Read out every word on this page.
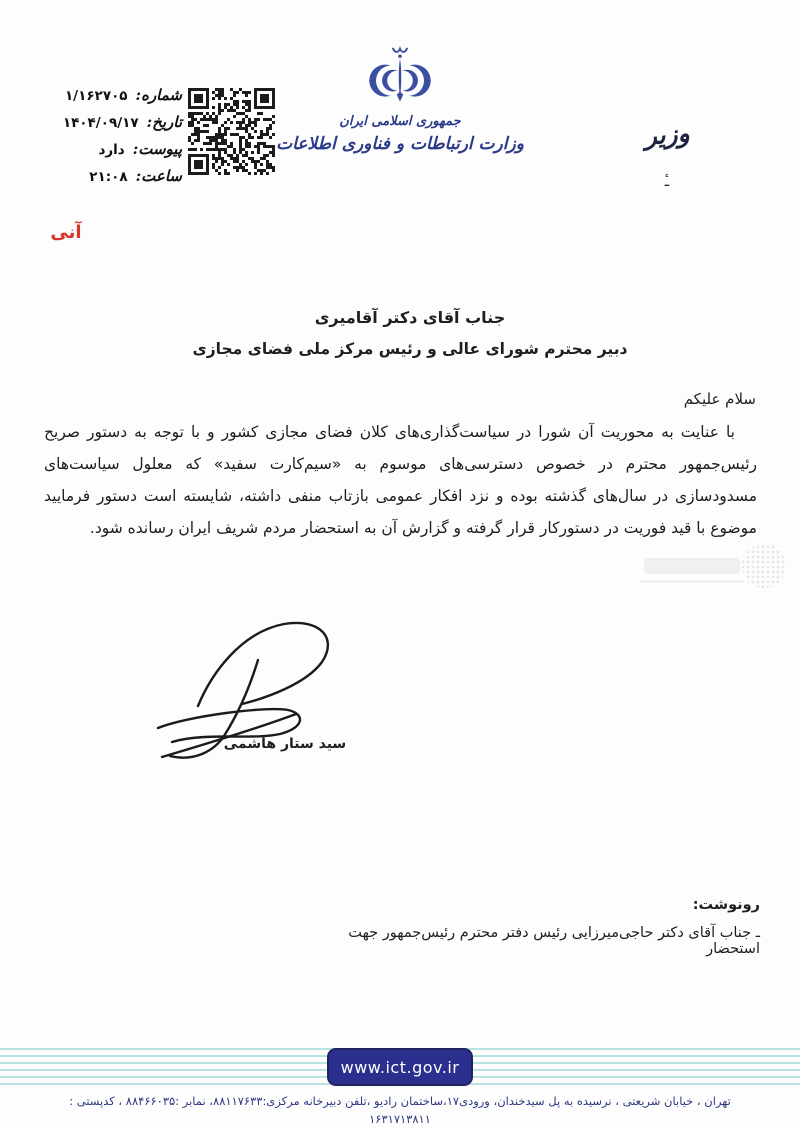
جمهوری اسلامی ایران
وزارت ارتباطات و فناوری اطلاعات	وزیر
ـٔ
شماره:
۱/۱۶۲۷۰۵
تاریخ:
۱۴۰۴/۰۹/۱۷
پیوست:
دارد
ساعت:
۲۱:۰۸
آنی
جناب آقای دکتر آقامیری
دبیر محترم شورای عالی و رئیس مرکز ملی فضای مجازی
سلام علیکم
با عنایت به محوریت آن شورا در سیاست‌گذاری‌های کلان فضای مجازی کشور و با توجه به دستور صریح رئیس‌جمهور محترم در خصوص دسترسی‌های موسوم به «سیم‌کارت سفید» که معلول سیاست‌های مسدودسازی در سال‌های گذشته بوده و نزد افکار عمومی بازتاب منفی داشته، شایسته است دستور فرمایید موضوع با قید فوریت در دستورکار قرار گرفته و گزارش آن به استحضار مردم شریف ایران رسانده شود.
سید ستار هاشمی
رونوشت:
ـ جناب آقای دکتر حاجی‌میرزایی رئیس دفتر محترم رئیس‌جمهور جهت استحضار
www.ict.gov.ir
تهران ، خیابان شریعتی ، نرسیده به پل سیدخندان، ورودی۱۷،ساختمان رادیو ،تلفن دبیرخانه مرکزی:۸۸۱۱۷۶۳۳، نمابر :۸۸۴۶۶۰۳۵ ، کدپستی :
۱۶۳۱۷۱۳۸۱۱
